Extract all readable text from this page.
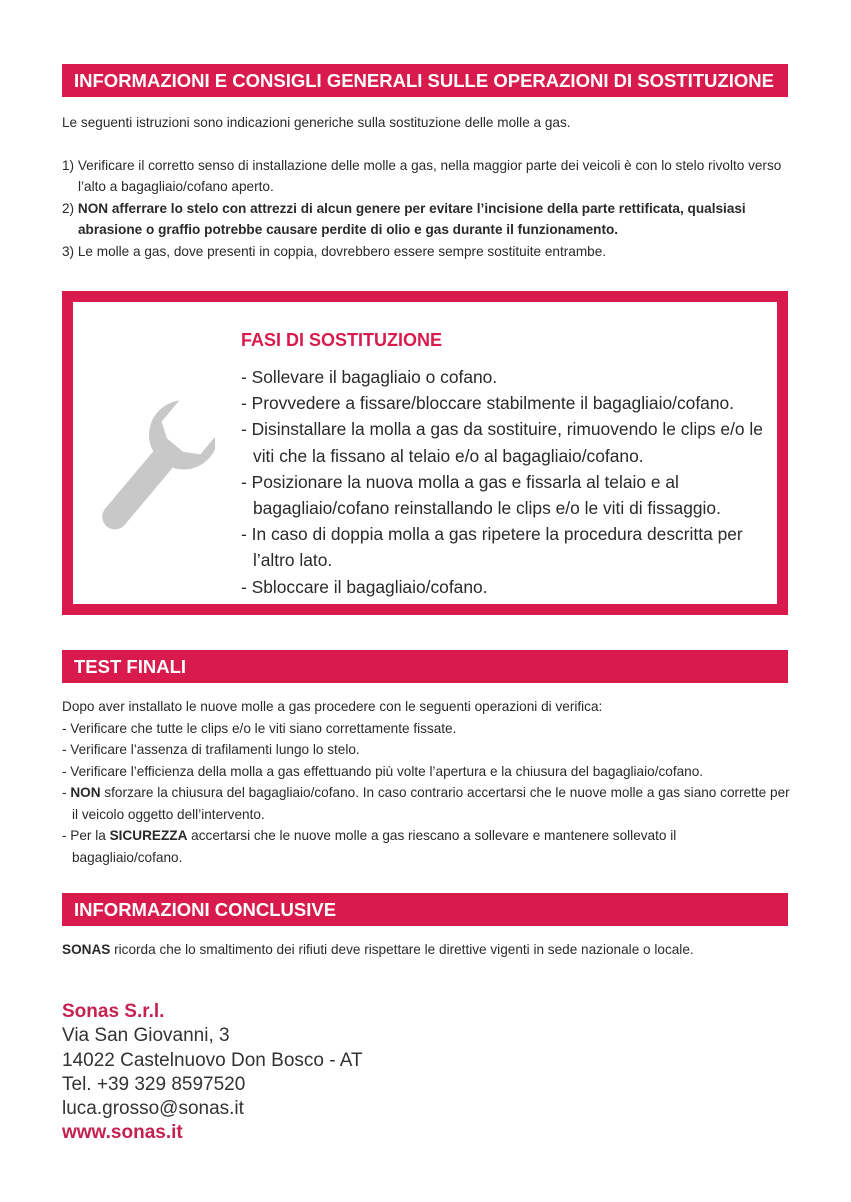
INFORMAZIONI E CONSIGLI GENERALI SULLE OPERAZIONI DI SOSTITUZIONE

Le seguenti istruzioni sono indicazioni generiche sulla sostituzione delle molle a gas.

1) Verificare il corretto senso di installazione delle molle a gas, nella maggior parte dei veicoli è con lo stelo rivolto verso l’alto a bagagliaio/cofano aperto.

2) NON afferrare lo stelo con attrezzi di alcun genere per evitare l’incisione della parte rettificata, qualsiasi abrasione o graffio potrebbe causare perdite di olio e gas durante il funzionamento.

3) Le molle a gas, dove presenti in coppia, dovrebbero essere sempre sostituite entrambe.

FASI DI SOSTITUZIONE

- Sollevare il bagagliaio o cofano.

- Provvedere a fissare/bloccare stabilmente il bagagliaio/cofano.

- Disinstallare la molla a gas da sostituire, rimuovendo le clips e/o le viti che la fissano al telaio e/o al bagagliaio/cofano.

- Posizionare la nuova molla a gas e fissarla al telaio e al bagagliaio/cofano reinstallando le clips e/o le viti di fissaggio.

- In caso di doppia molla a gas ripetere la procedura descritta per l’altro lato.

- Sbloccare il bagagliaio/cofano.

TEST FINALI

Dopo aver installato le nuove molle a gas procedere con le seguenti operazioni di verifica:

- Verificare che tutte le clips e/o le viti siano correttamente fissate.

- Verificare l’assenza di trafilamenti lungo lo stelo.

- Verificare l’efficienza della molla a gas effettuando più volte l’apertura e la chiusura del bagagliaio/cofano.

- NON sforzare la chiusura del bagagliaio/cofano. In caso contrario accertarsi che le nuove molle a gas siano corrette per il veicolo oggetto dell’intervento.

- Per la SICUREZZA accertarsi che le nuove molle a gas riescano a sollevare e mantenere sollevato il bagagliaio/cofano.

INFORMAZIONI CONCLUSIVE

SONAS ricorda che lo smaltimento dei rifiuti deve rispettare le direttive vigenti in sede nazionale o locale.

Sonas S.r.l.

Via San Giovanni, 3

14022 Castelnuovo Don Bosco - AT

Tel. +39 329 8597520

luca.grosso@sonas.it

www.sonas.it
